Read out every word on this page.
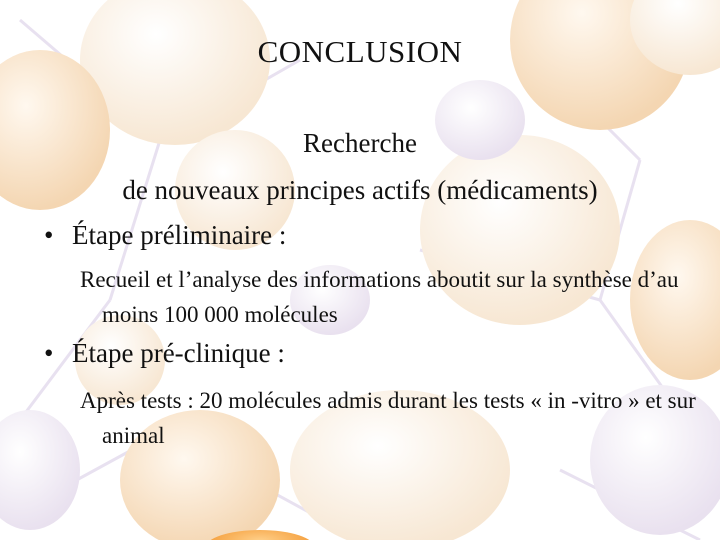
CONCLUSION
Recherche
de nouveaux principes actifs (médicaments)
• Étape préliminaire :
Recueil et l’analyse des informations aboutit sur la synthèse d’au moins 100 000 molécules
• Étape pré-clinique :
Après tests : 20 molécules admis durant les tests « in -vitro » et sur animal
